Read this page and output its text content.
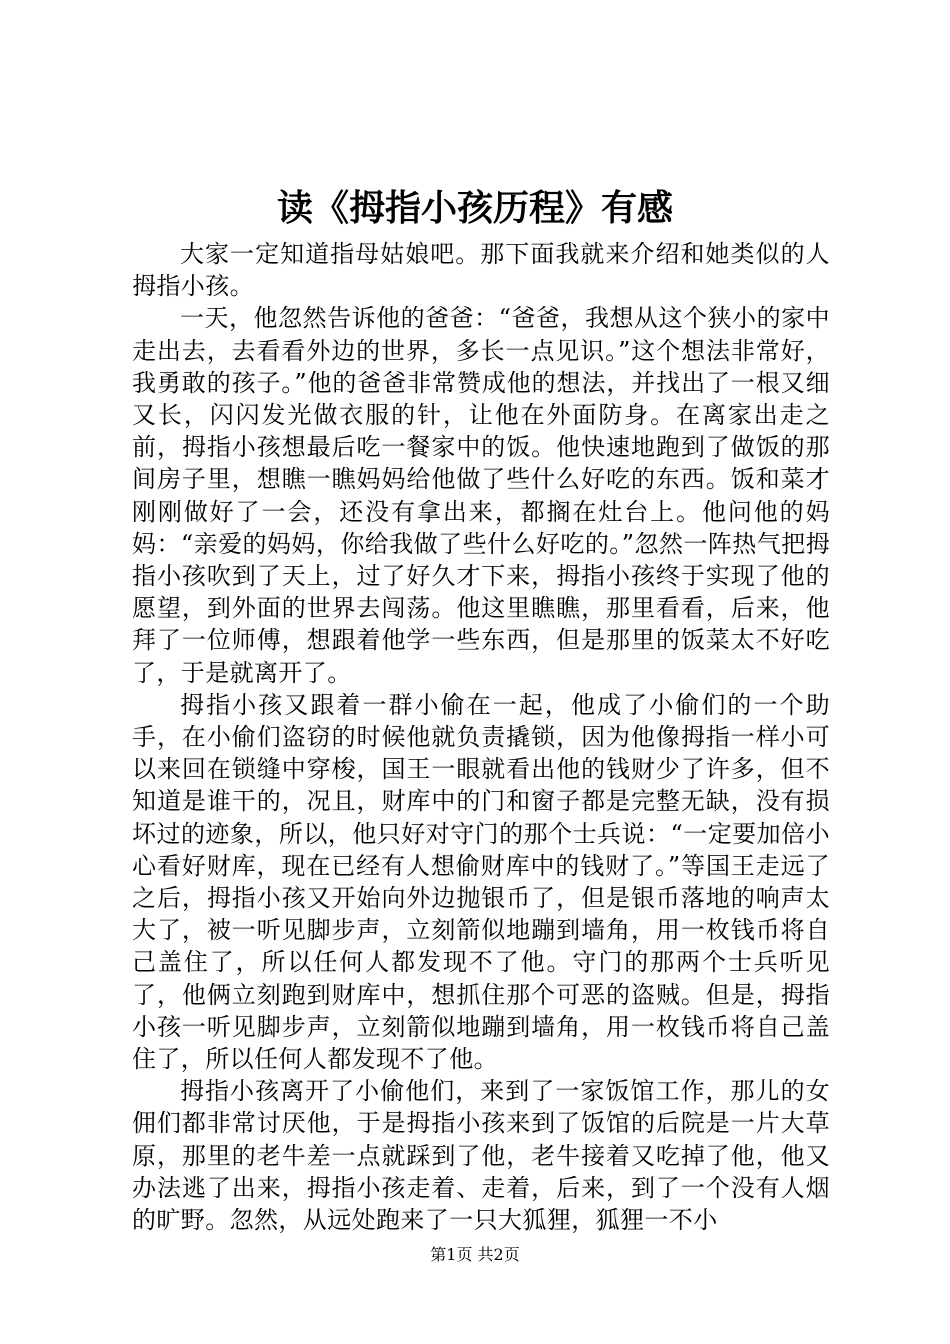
读《拇指小孩历程》有感

大家一定知道指母姑娘吧。那下面我就来介绍和她类似的人拇指小孩。

一天，他忽然告诉他的爸爸：“爸爸，我想从这个狭小的家中走出去，去看看外边的世界，多长一点见识。”这个想法非常好，我勇敢的孩子。”他的爸爸非常赞成他的想法，并找出了一根又细又长，闪闪发光做衣服的针，让他在外面防身。在离家出走之前，拇指小孩想最后吃一餐家中的饭。他快速地跑到了做饭的那间房子里，想瞧一瞧妈妈给他做了些什么好吃的东西。饭和菜才刚刚做好了一会，还没有拿出来，都搁在灶台上。他问他的妈妈：“亲爱的妈妈，你给我做了些什么好吃的。”忽然一阵热气把拇指小孩吹到了天上，过了好久才下来，拇指小孩终于实现了他的愿望，到外面的世界去闯荡。他这里瞧瞧，那里看看，后来，他拜了一位师傅，想跟着他学一些东西，但是那里的饭菜太不好吃了，于是就离开了。

拇指小孩又跟着一群小偷在一起，他成了小偷们的一个助手，在小偷们盗窃的时候他就负责撬锁，因为他像拇指一样小可以来回在锁缝中穿梭，国王一眼就看出他的钱财少了许多，但不知道是谁干的，况且，财库中的门和窗子都是完整无缺，没有损坏过的迹象，所以，他只好对守门的那个士兵说：“一定要加倍小心看好财库，现在已经有人想偷财库中的钱财了。”等国王走远了之后，拇指小孩又开始向外边抛银币了，但是银币落地的响声太大了，被一听见脚步声，立刻箭似地蹦到墙角，用一枚钱币将自己盖住了，所以任何人都发现不了他。守门的那两个士兵听见了，他俩立刻跑到财库中，想抓住那个可恶的盗贼。但是，拇指小孩一听见脚步声，立刻箭似地蹦到墙角，用一枚钱币将自己盖住了，所以任何人都发现不了他。

拇指小孩离开了小偷他们，来到了一家饭馆工作，那儿的女佣们都非常讨厌他，于是拇指小孩来到了饭馆的后院是一片大草原，那里的老牛差一点就踩到了他，老牛接着又吃掉了他，他又办法逃了出来，拇指小孩走着、走着，后来，到了一个没有人烟的旷野。忽然，从远处跑来了一只大狐狸，狐狸一不小

第1页 共2页
